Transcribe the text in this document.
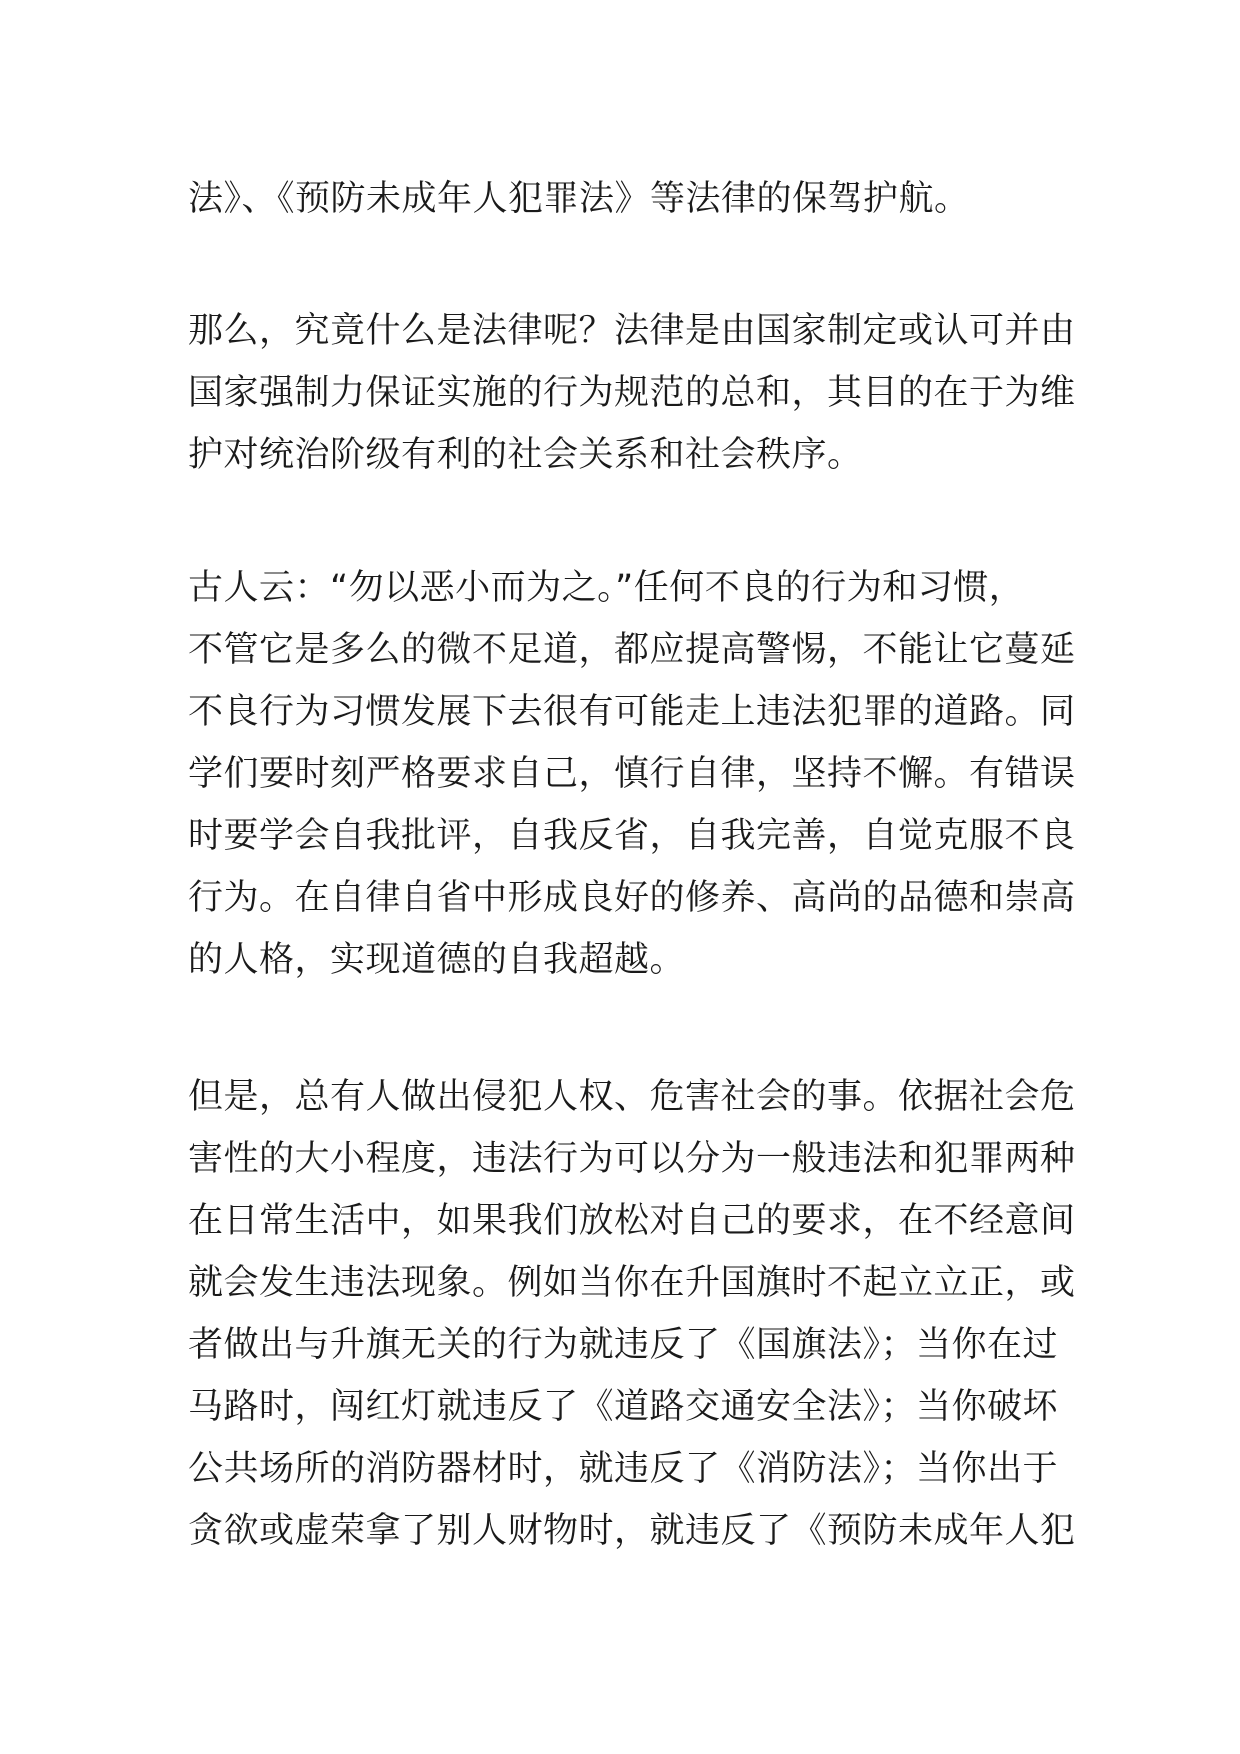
法》、《预防未成年人犯罪法》等法律的保驾护航。
那么，究竟什么是法律呢？法律是由国家制定或认可并由
国家强制力保证实施的行为规范的总和，其目的在于为维
护对统治阶级有利的社会关系和社会秩序。
古人云：“勿以恶小而为之。”任何不良的行为和习惯，
不管它是多么的微不足道，都应提高警惕，不能让它蔓延
不良行为习惯发展下去很有可能走上违法犯罪的道路。同
学们要时刻严格要求自己，慎行自律，坚持不懈。有错误
时要学会自我批评，自我反省，自我完善，自觉克服不良
行为。在自律自省中形成良好的修养、高尚的品德和崇高
的人格，实现道德的自我超越。
但是，总有人做出侵犯人权、危害社会的事。依据社会危
害性的大小程度，违法行为可以分为一般违法和犯罪两种
在日常生活中，如果我们放松对自己的要求，在不经意间
就会发生违法现象。例如当你在升国旗时不起立立正，或
者做出与升旗无关的行为就违反了《国旗法》；当你在过
马路时，闯红灯就违反了《道路交通安全法》；当你破坏
公共场所的消防器材时，就违反了《消防法》；当你出于
贪欲或虚荣拿了别人财物时，就违反了《预防未成年人犯
